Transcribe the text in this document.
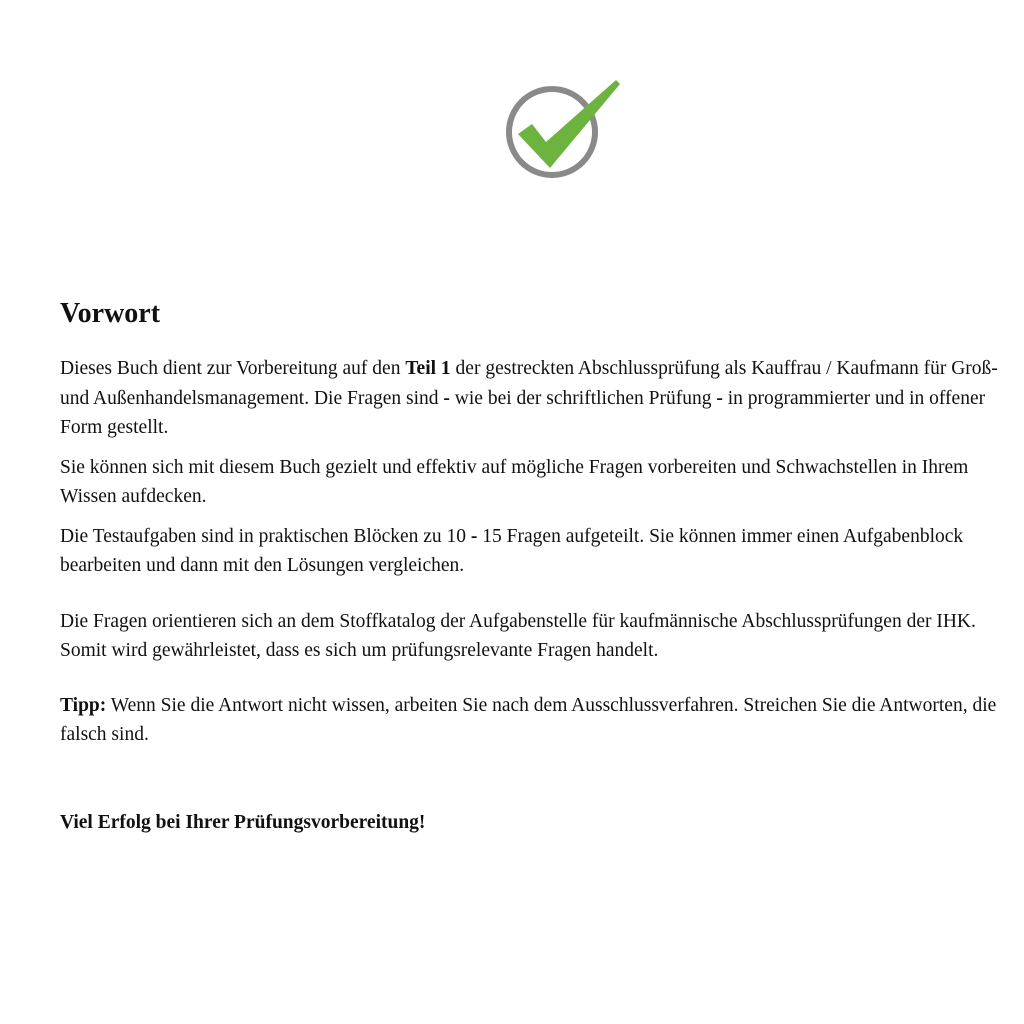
Vorwort

Dieses Buch dient zur Vorbereitung auf den Teil 1 der gestreckten Abschlussprüfung als Kauffrau / Kaufmann für Groß- und Außenhandelsmanagement. Die Fragen sind - wie bei der schriftlichen Prüfung - in programmierter und in offener Form gestellt.

Sie können sich mit diesem Buch gezielt und effektiv auf mögliche Fragen vorbereiten und Schwachstellen in Ihrem Wissen aufdecken.

Die Testaufgaben sind in praktischen Blöcken zu 10 - 15 Fragen aufgeteilt. Sie können immer einen Aufgabenblock bearbeiten und dann mit den Lösungen vergleichen.

Die Fragen orientieren sich an dem Stoffkatalog der Aufgabenstelle für kaufmännische Abschlussprüfungen der IHK. Somit wird gewährleistet, dass es sich um prüfungsrelevante Fragen handelt.

Tipp: Wenn Sie die Antwort nicht wissen, arbeiten Sie nach dem Ausschlussverfahren. Streichen Sie die Antworten, die falsch sind.

Viel Erfolg bei Ihrer Prüfungsvorbereitung!
